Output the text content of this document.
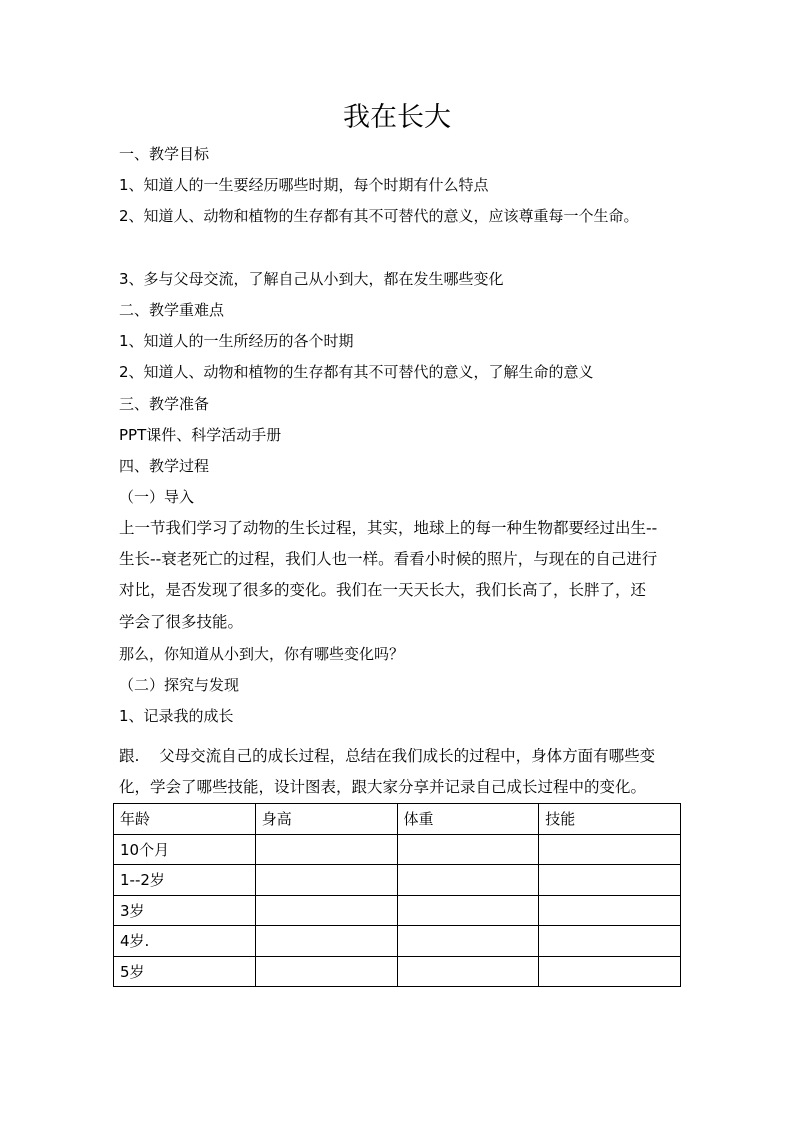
我在长大
一、教学目标
1、知道人的一生要经历哪些时期，每个时期有什么特点
2、知道人、动物和植物的生存都有其不可替代的意义，应该尊重每一个生命。
3、多与父母交流，了解自己从小到大，都在发生哪些变化
二、教学重难点
1、知道人的一生所经历的各个时期
2、知道人、动物和植物的生存都有其不可替代的意义，了解生命的意义
三、教学准备
PPT课件、科学活动手册
四、教学过程
（一）导入

上一节我们学习了动物的生长过程，其实，地球上的每一种生物都要经过出生--

生长--衰老死亡的过程，我们人也一样。看看小时候的照片，与现在的自己进行

对比，是否发现了很多的变化。我们在一天天长大，我们长高了，长胖了，还

学会了很多技能。

那么，你知道从小到大，你有哪些变化吗？
（二）探究与发现
1、记录我的成长

跟.    父母交流自己的成长过程，总结在我们成长的过程中，身体方面有哪些变

化，学会了哪些技能，设计图表，跟大家分享并记录自己成长过程中的变化。

年龄	身高	体重	技能
10个月			
1--2岁			
3岁			
4岁.			
5岁			
